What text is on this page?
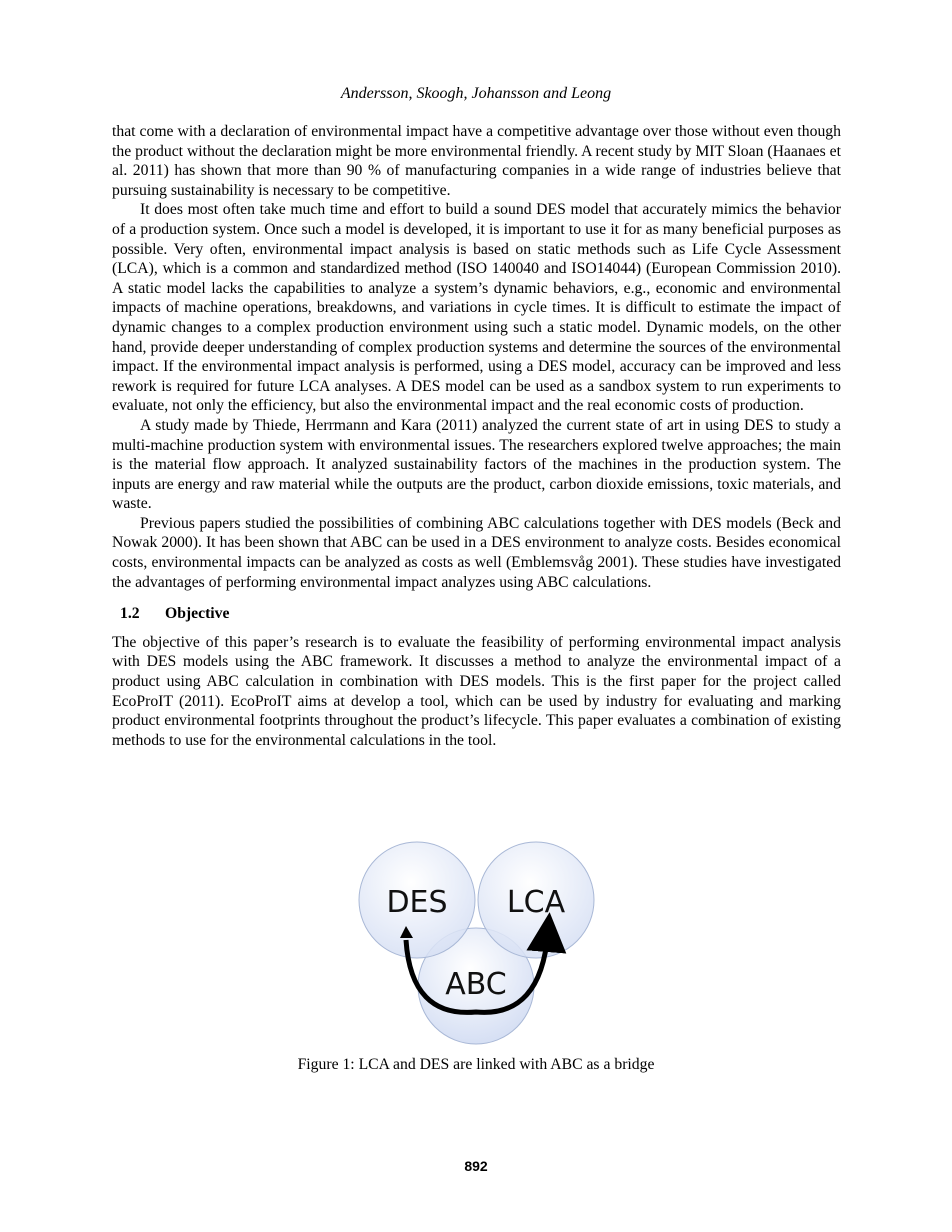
Andersson, Skoogh, Johansson and Leong

that come with a declaration of environmental impact have a competitive advantage over those without even though the product without the declaration might be more environmental friendly. A recent study by MIT Sloan (Haanaes et al. 2011) has shown that more than 90 % of manufacturing companies in a wide range of industries believe that pursuing sustainability is necessary to be competitive.

It does most often take much time and effort to build a sound DES model that accurately mimics the behavior of a production system. Once such a model is developed, it is important to use it for as many beneficial purposes as possible. Very often, environmental impact analysis is based on static methods such as Life Cycle Assessment (LCA), which is a common and standardized method (ISO 140040 and ISO14044) (European Commission 2010). A static model lacks the capabilities to analyze a system’s dynamic behaviors, e.g., economic and environmental impacts of machine operations, breakdowns, and variations in cycle times. It is difficult to estimate the impact of dynamic changes to a complex production environment using such a static model. Dynamic models, on the other hand, provide deeper understanding of complex production systems and determine the sources of the environmental impact. If the environmental impact analysis is performed, using a DES model, accuracy can be improved and less rework is required for future LCA analyses. A DES model can be used as a sandbox system to run experiments to evaluate, not only the efficiency, but also the environmental impact and the real economic costs of production.

A study made by Thiede, Herrmann and Kara (2011) analyzed the current state of art in using DES to study a multi-machine production system with environmental issues. The researchers explored twelve approaches; the main is the material flow approach. It analyzed sustainability factors of the machines in the production system. The inputs are energy and raw material while the outputs are the product, carbon dioxide emissions, toxic materials, and waste.

Previous papers studied the possibilities of combining ABC calculations together with DES models (Beck and Nowak 2000). It has been shown that ABC can be used in a DES environment to analyze costs. Besides economical costs, environmental impacts can be analyzed as costs as well (Emblemsvåg 2001). These studies have investigated the advantages of performing environmental impact analyzes using ABC calculations.

1.2 Objective

The objective of this paper’s research is to evaluate the feasibility of performing environmental impact analysis with DES models using the ABC framework. It discusses a method to analyze the environmental impact of a product using ABC calculation in combination with DES models. This is the first paper for the project called EcoProIT (2011). EcoProIT aims at develop a tool, which can be used by industry for evaluating and marking product environmental footprints throughout the product’s lifecycle. This paper evaluates a combination of existing methods to use for the environmental calculations in the tool.

DES LCA
ABC
Figure 1: LCA and DES are linked with ABC as a bridge
892
